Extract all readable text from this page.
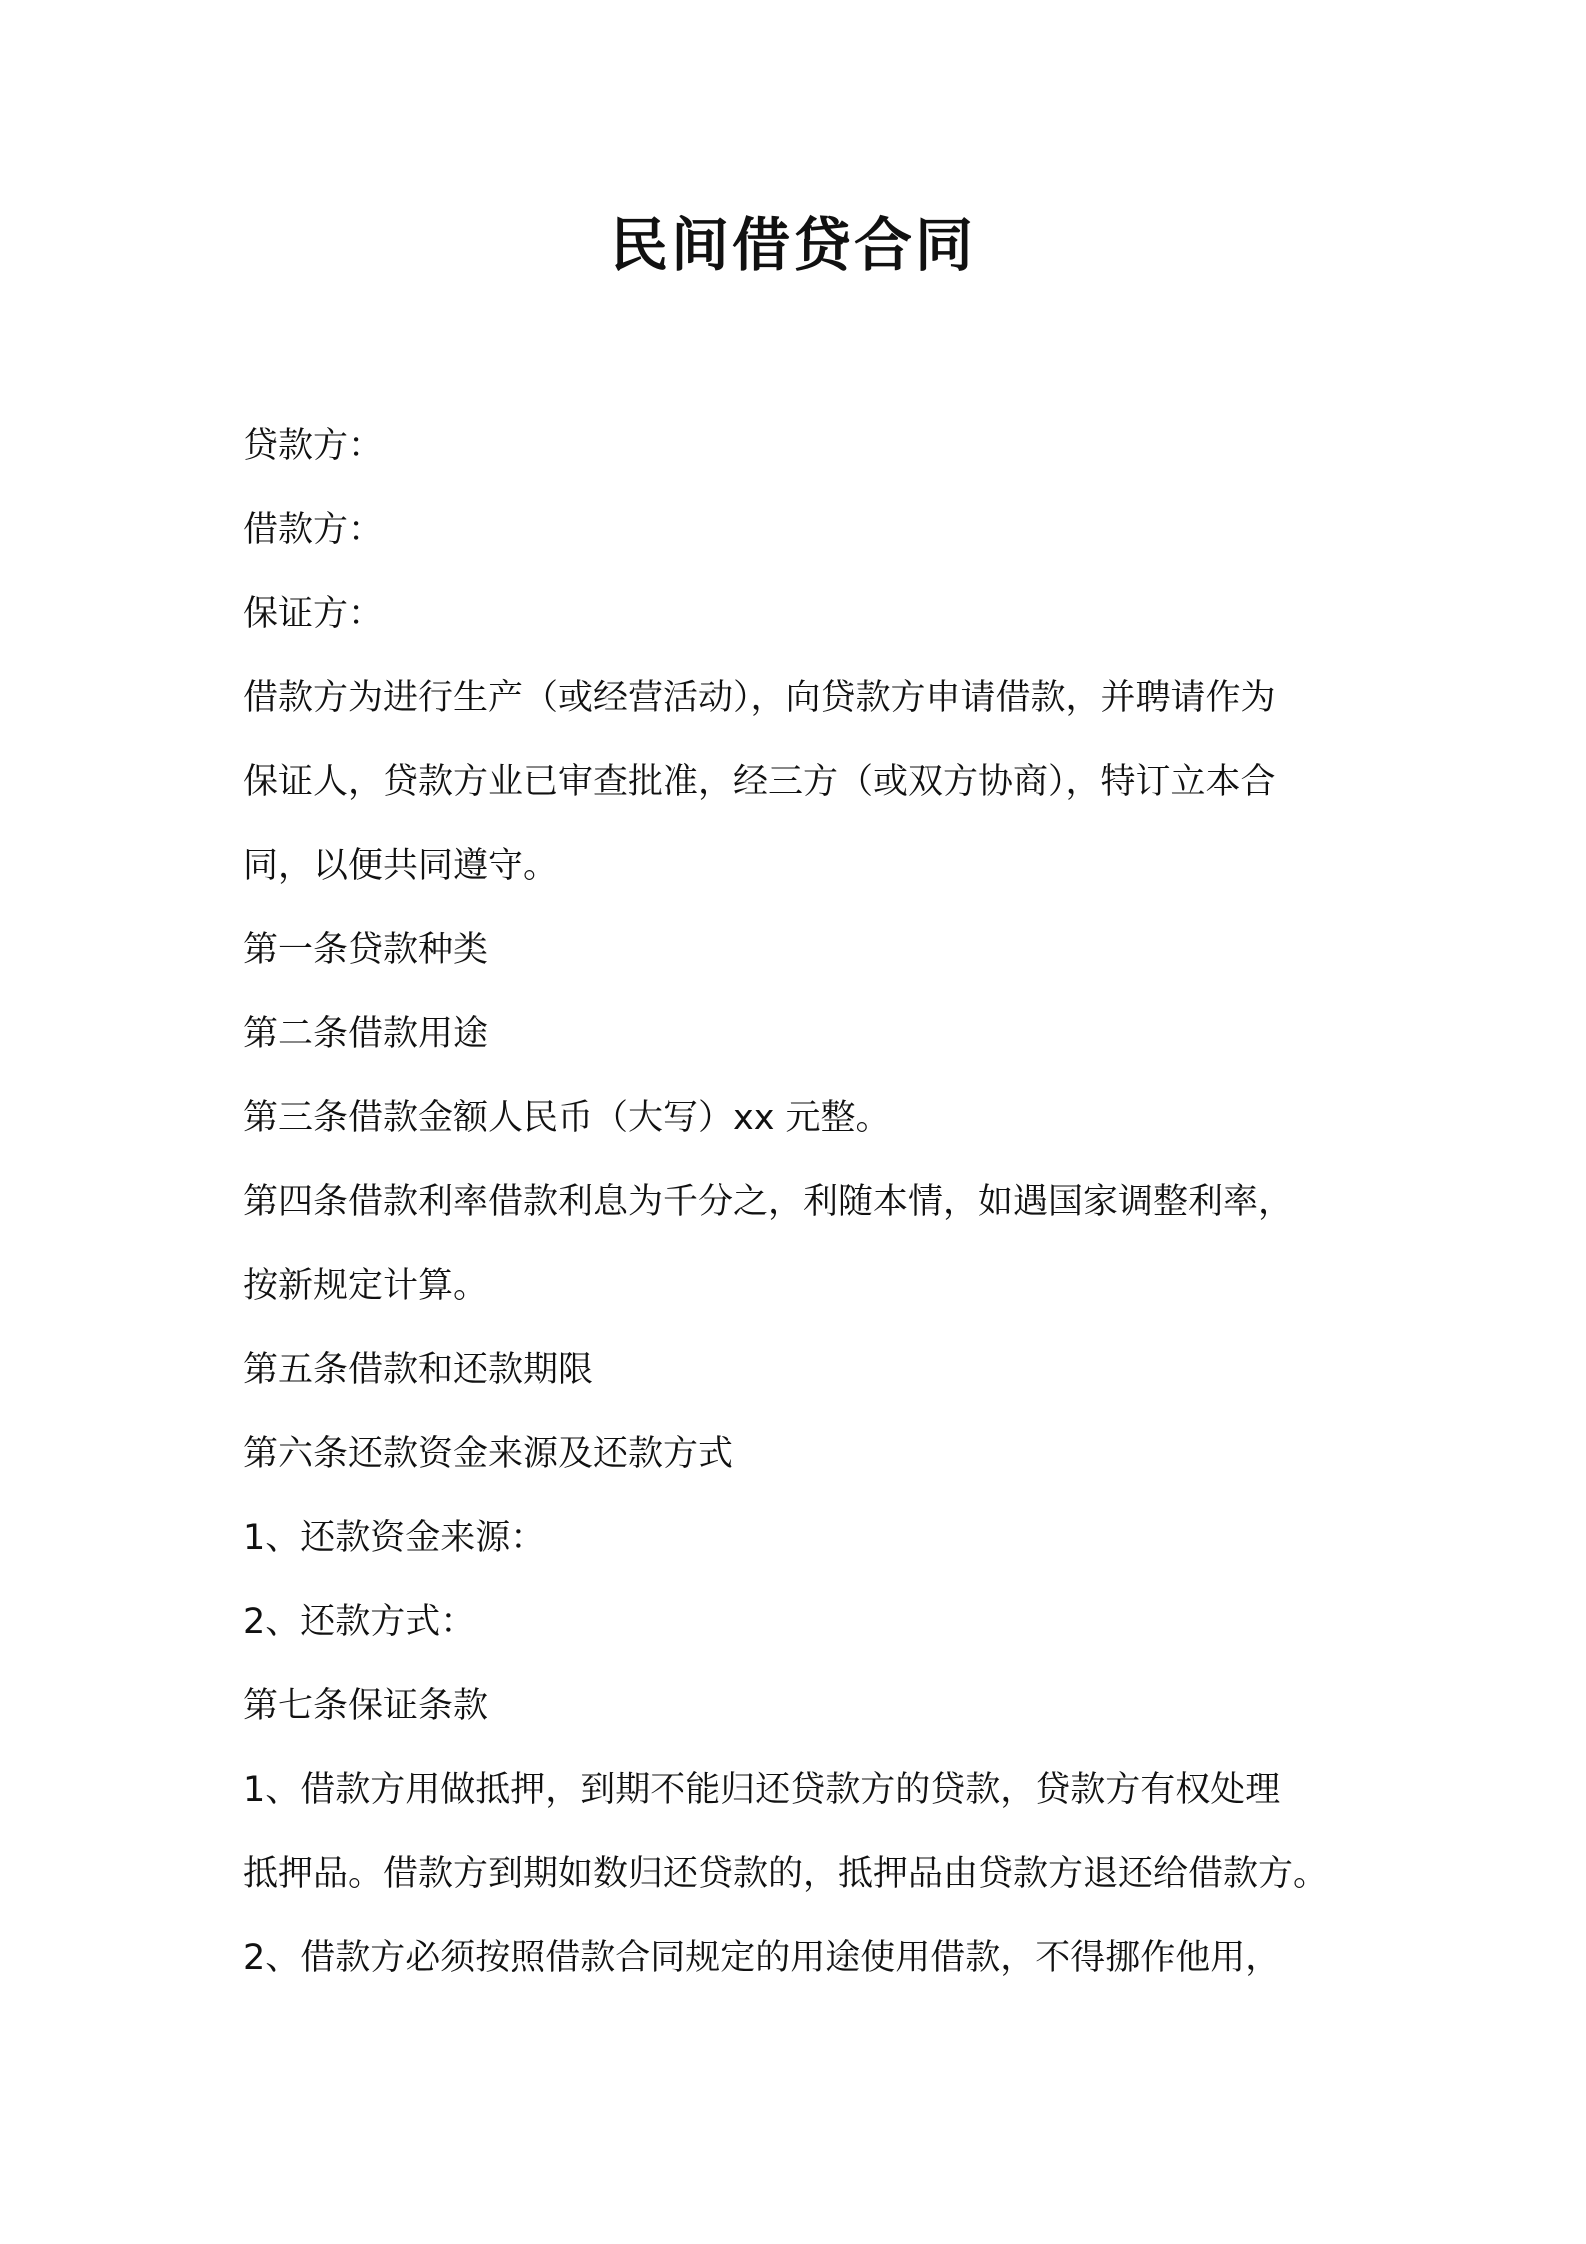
民间借贷合同

贷款方：

借款方：

保证方：

借款方为进行生产（或经营活动），向贷款方申请借款，并聘请作为
保证人，贷款方业已审查批准，经三方（或双方协商），特订立本合
同，以便共同遵守。

第一条贷款种类

第二条借款用途

第三条借款金额人民币（大写）xx 元整。

第四条借款利率借款利息为千分之，利随本情，如遇国家调整利率，
按新规定计算。

第五条借款和还款期限

第六条还款资金来源及还款方式

1、还款资金来源：

2、还款方式：

第七条保证条款

1、借款方用做抵押，到期不能归还贷款方的贷款，贷款方有权处理
抵押品。借款方到期如数归还贷款的，抵押品由贷款方退还给借款方。

2、借款方必须按照借款合同规定的用途使用借款，不得挪作他用，
